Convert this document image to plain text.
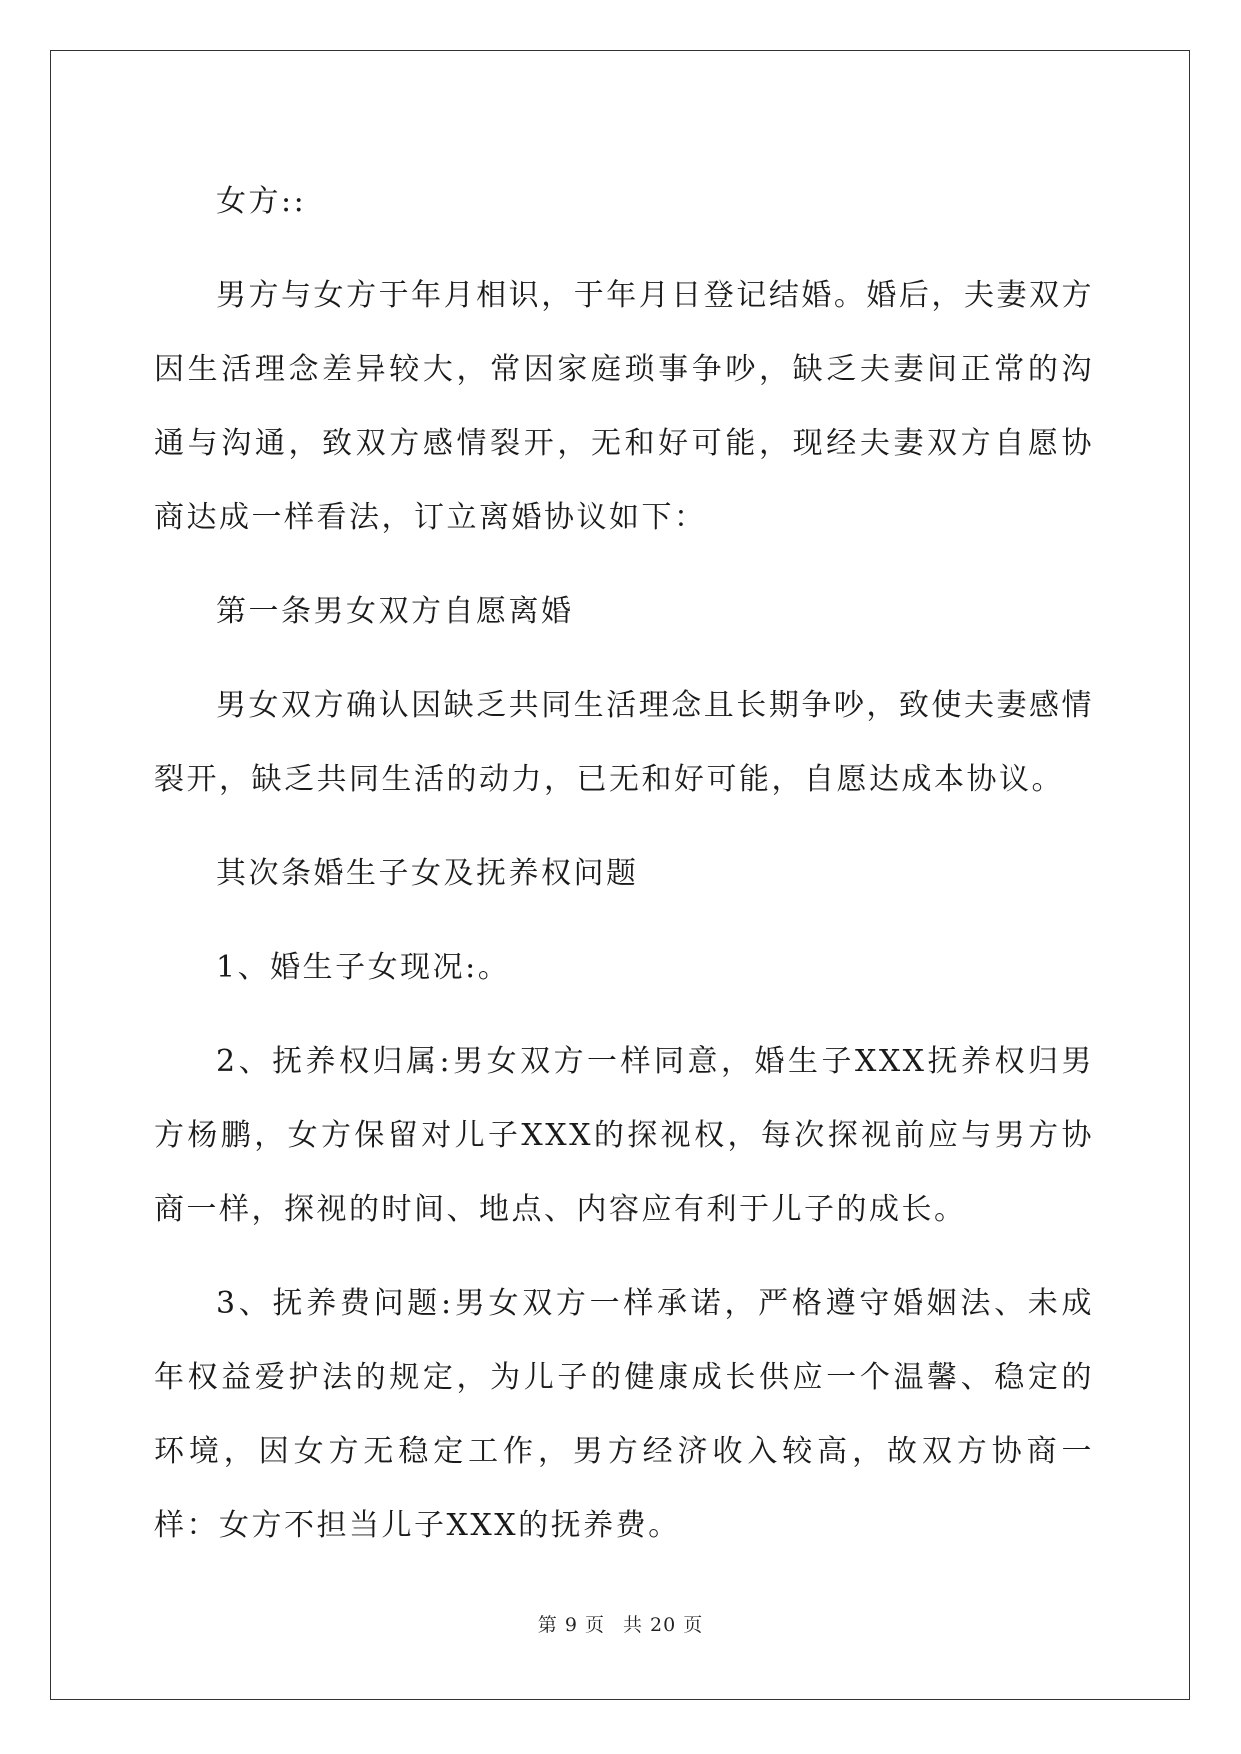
女方::

男方与女方于年月相识，于年月日登记结婚。婚后，夫妻双方因生活理念差异较大，常因家庭琐事争吵，缺乏夫妻间正常的沟通与沟通，致双方感情裂开，无和好可能，现经夫妻双方自愿协商达成一样看法，订立离婚协议如下：

第一条男女双方自愿离婚

男女双方确认因缺乏共同生活理念且长期争吵，致使夫妻感情裂开，缺乏共同生活的动力，已无和好可能，自愿达成本协议。

其次条婚生子女及抚养权问题

1、婚生子女现况:。

2、抚养权归属:男女双方一样同意，婚生子XXX抚养权归男方杨鹏，女方保留对儿子XXX的探视权，每次探视前应与男方协商一样，探视的时间、地点、内容应有利于儿子的成长。

3、抚养费问题:男女双方一样承诺，严格遵守婚姻法、未成年权益爱护法的规定，为儿子的健康成长供应一个温馨、稳定的环境，因女方无稳定工作，男方经济收入较高，故双方协商一样：女方不担当儿子XXX的抚养费。

第 9 页 共 20 页
